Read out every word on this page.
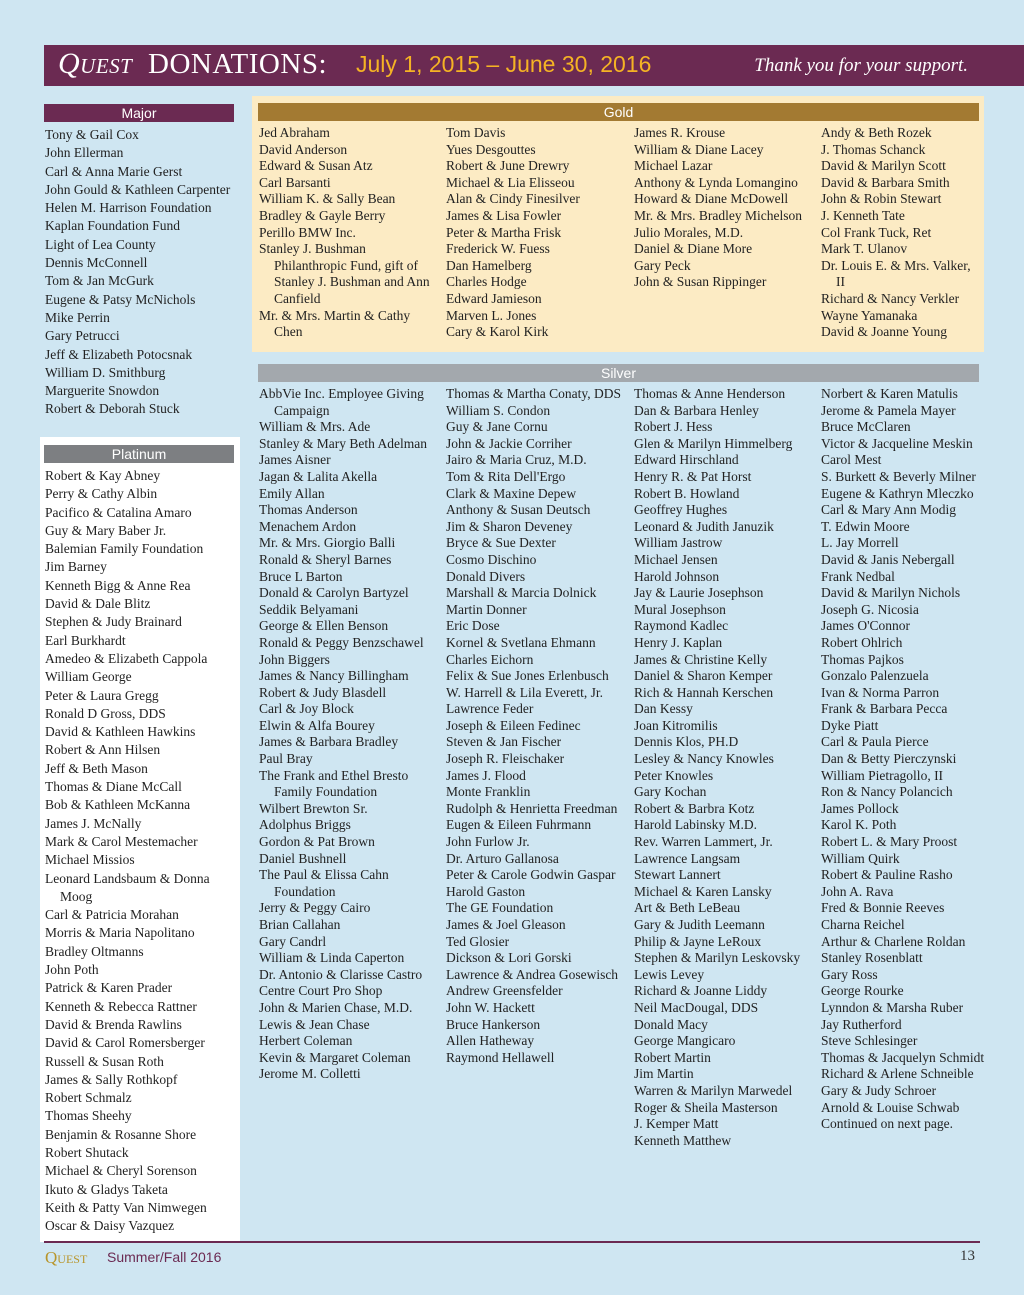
Quest DONATIONS: July 1, 2015 – June 30, 2016	Thank you for your support.
Major
Platinum
Gold
Silver
Tony & Gail Cox
John Ellerman
Carl & Anna Marie Gerst
John Gould & Kathleen Carpenter
Helen M. Harrison Foundation
Kaplan Foundation Fund
Light of Lea County
Dennis McConnell
Tom & Jan McGurk
Eugene & Patsy McNichols
Mike Perrin
Gary Petrucci
Jeff & Elizabeth Potocsnak
William D. Smithburg
Marguerite Snowdon
Robert & Deborah Stuck
Robert & Kay Abney
Perry & Cathy Albin
Pacifico & Catalina Amaro
Guy & Mary Baber Jr.
Balemian Family Foundation
Jim Barney
Kenneth Bigg & Anne Rea
David & Dale Blitz
Stephen & Judy Brainard
Earl Burkhardt
Amedeo & Elizabeth Cappola
William George
Peter & Laura Gregg
Ronald D Gross, DDS
David & Kathleen Hawkins
Robert & Ann Hilsen
Jeff & Beth Mason
Thomas & Diane McCall
Bob & Kathleen McKanna
James J. McNally
Mark & Carol Mestemacher
Michael Missios
Leonard Landsbaum & Donna Moog
Carl & Patricia Morahan
Morris & Maria Napolitano
Bradley Oltmanns
John Poth
Patrick & Karen Prader
Kenneth & Rebecca Rattner
David & Brenda Rawlins
David & Carol Romersberger
Russell & Susan Roth
James & Sally Rothkopf
Robert Schmalz
Thomas Sheehy
Benjamin & Rosanne Shore
Robert Shutack
Michael & Cheryl Sorenson
Ikuto & Gladys Taketa
Keith & Patty Van Nimwegen
Oscar & Daisy Vazquez
Jed Abraham
David Anderson
Edward & Susan Atz
Carl Barsanti
William K. & Sally Bean
Bradley & Gayle Berry
Perillo BMW Inc.
Stanley J. Bushman Philanthropic Fund, gift of Stanley J. Bushman and Ann Canfield
Mr. & Mrs. Martin & Cathy Chen
Tom Davis
Yues Desgouttes
Robert & June Drewry
Michael & Lia Elisseou
Alan & Cindy Finesilver
James & Lisa Fowler
Peter & Martha Frisk
Frederick W. Fuess
Dan Hamelberg
Charles Hodge
Edward Jamieson
Marven L. Jones
Cary & Karol Kirk
James R. Krouse
William & Diane Lacey
Michael Lazar
Anthony & Lynda Lomangino
Howard & Diane McDowell
Mr. & Mrs. Bradley Michelson
Julio Morales, M.D.
Daniel & Diane More
Gary Peck
John & Susan Rippinger
Andy & Beth Rozek
J. Thomas Schanck
David & Marilyn Scott
David & Barbara Smith
John & Robin Stewart
J. Kenneth Tate
Col Frank Tuck, Ret
Mark T. Ulanov
Dr. Louis E. & Mrs. Valker, II
Richard & Nancy Verkler
Wayne Yamanaka
David & Joanne Young
AbbVie Inc. Employee Giving Campaign
William & Mrs. Ade
Stanley & Mary Beth Adelman
James Aisner
Jagan & Lalita Akella
Emily Allan
Thomas Anderson
Menachem Ardon
Mr. & Mrs. Giorgio Balli
Ronald & Sheryl Barnes
Bruce L Barton
Donald & Carolyn Bartyzel
Seddik Belyamani
George & Ellen Benson
Ronald & Peggy Benzschawel
John Biggers
James & Nancy Billingham
Robert & Judy Blasdell
Carl & Joy Block
Elwin & Alfa Bourey
James & Barbara Bradley
Paul Bray
The Frank and Ethel Bresto Family Foundation
Wilbert Brewton Sr.
Adolphus Briggs
Gordon & Pat Brown
Daniel Bushnell
The Paul & Elissa Cahn Foundation
Jerry & Peggy Cairo
Brian Callahan
Gary Candrl
William & Linda Caperton
Dr. Antonio & Clarisse Castro
Centre Court Pro Shop
John & Marien Chase, M.D.
Lewis & Jean Chase
Herbert Coleman
Kevin & Margaret Coleman
Jerome M. Colletti
Thomas & Martha Conaty, DDS
William S. Condon
Guy & Jane Cornu
John & Jackie Corriher
Jairo & Maria Cruz, M.D.
Tom & Rita Dell'Ergo
Clark & Maxine Depew
Anthony & Susan Deutsch
Jim & Sharon Deveney
Bryce & Sue Dexter
Cosmo Dischino
Donald Divers
Marshall & Marcia Dolnick
Martin Donner
Eric Dose
Kornel & Svetlana Ehmann
Charles Eichorn
Felix & Sue Jones Erlenbusch
W. Harrell & Lila Everett, Jr.
Lawrence Feder
Joseph & Eileen Fedinec
Steven & Jan Fischer
Joseph R. Fleischaker
James J. Flood
Monte Franklin
Rudolph & Henrietta Freedman
Eugen & Eileen Fuhrmann
John Furlow Jr.
Dr. Arturo Gallanosa
Peter & Carole Godwin Gaspar
Harold Gaston
The GE Foundation
James & Joel Gleason
Ted Glosier
Dickson & Lori Gorski
Lawrence & Andrea Gosewisch
Andrew Greensfelder
John W. Hackett
Bruce Hankerson
Allen Hatheway
Raymond Hellawell
Thomas & Anne Henderson
Dan & Barbara Henley
Robert J. Hess
Glen & Marilyn Himmelberg
Edward Hirschland
Henry R. & Pat Horst
Robert B. Howland
Geoffrey Hughes
Leonard & Judith Januzik
William Jastrow
Michael Jensen
Harold Johnson
Jay & Laurie Josephson
Mural Josephson
Raymond Kadlec
Henry J. Kaplan
James & Christine Kelly
Daniel & Sharon Kemper
Rich & Hannah Kerschen
Dan Kessy
Joan Kitromilis
Dennis Klos, PH.D
Lesley & Nancy Knowles
Peter Knowles
Gary Kochan
Robert & Barbra Kotz
Harold Labinsky M.D.
Rev. Warren Lammert, Jr.
Lawrence Langsam
Stewart Lannert
Michael & Karen Lansky
Art & Beth LeBeau
Gary & Judith Leemann
Philip & Jayne LeRoux
Stephen & Marilyn Leskovsky
Lewis Levey
Richard & Joanne Liddy
Neil MacDougal, DDS
Donald Macy
George Mangicaro
Robert Martin
Jim Martin
Warren & Marilyn Marwedel
Roger & Sheila Masterson
J. Kemper Matt
Kenneth Matthew
Norbert & Karen Matulis
Jerome & Pamela Mayer
Bruce McClaren
Victor & Jacqueline Meskin
Carol Mest
S. Burkett & Beverly Milner
Eugene & Kathryn Mleczko
Carl & Mary Ann Modig
T. Edwin Moore
L. Jay Morrell
David & Janis Nebergall
Frank Nedbal
David & Marilyn Nichols
Joseph G. Nicosia
James O'Connor
Robert Ohlrich
Thomas Pajkos
Gonzalo Palenzuela
Ivan & Norma Parron
Frank & Barbara Pecca
Dyke Piatt
Carl & Paula Pierce
Dan & Betty Pierczynski
William Pietragollo, II
Ron & Nancy Polancich
James Pollock
Karol K. Poth
Robert L. & Mary Proost
William Quirk
Robert & Pauline Rasho
John A. Rava
Fred & Bonnie Reeves
Charna Reichel
Arthur & Charlene Roldan
Stanley Rosenblatt
Gary Ross
George Rourke
Lynndon & Marsha Ruber
Jay Rutherford
Steve Schlesinger
Thomas & Jacquelyn Schmidt
Richard & Arlene Schneible
Gary & Judy Schroer
Arnold & Louise Schwab
Continued on next page.
Quest Summer/Fall 2016	13
